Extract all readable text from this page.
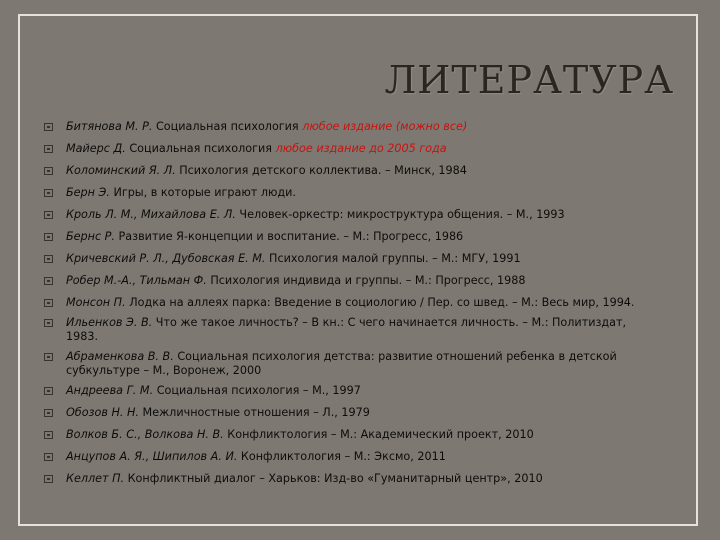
ЛИТЕРАТУРА
Битянова М. Р. Социальная психология любое издание (можно все)
Майерс Д. Социальная психология любое издание до 2005 года
Коломинский Я. Л. Психология детского коллектива. – Минск, 1984
Берн Э. Игры, в которые играют люди.
Кроль Л. М., Михайлова Е. Л. Человек-оркестр: микроструктура общения. – М., 1993
Бернс Р. Развитие Я-концепции и воспитание. – М.: Прогресс, 1986
Кричевский Р. Л., Дубовская Е. М. Психология малой группы. – М.: МГУ, 1991
Робер М.-А., Тильман Ф. Психология индивида и группы. – М.: Прогресс, 1988
Монсон П. Лодка на аллеях парка: Введение в социологию / Пер. со швед. – М.: Весь мир, 1994.
Ильенков Э. В. Что же такое личность? – В кн.: С чего начинается личность. – М.: Политиздат, 1983.
Абраменкова В. В. Социальная психология детства: развитие отношений ребенка в детской субкультуре – М., Воронеж, 2000
Андреева Г. М. Социальная психология – М., 1997
Обозов Н. Н. Межличностные отношения – Л., 1979
Волков Б. С., Волкова Н. В. Конфликтология – М.: Академический проект, 2010
Анцупов А. Я., Шипилов А. И. Конфликтология – М.: Эксмо, 2011
Келлет П. Конфликтный диалог – Харьков: Изд-во «Гуманитарный центр», 2010
